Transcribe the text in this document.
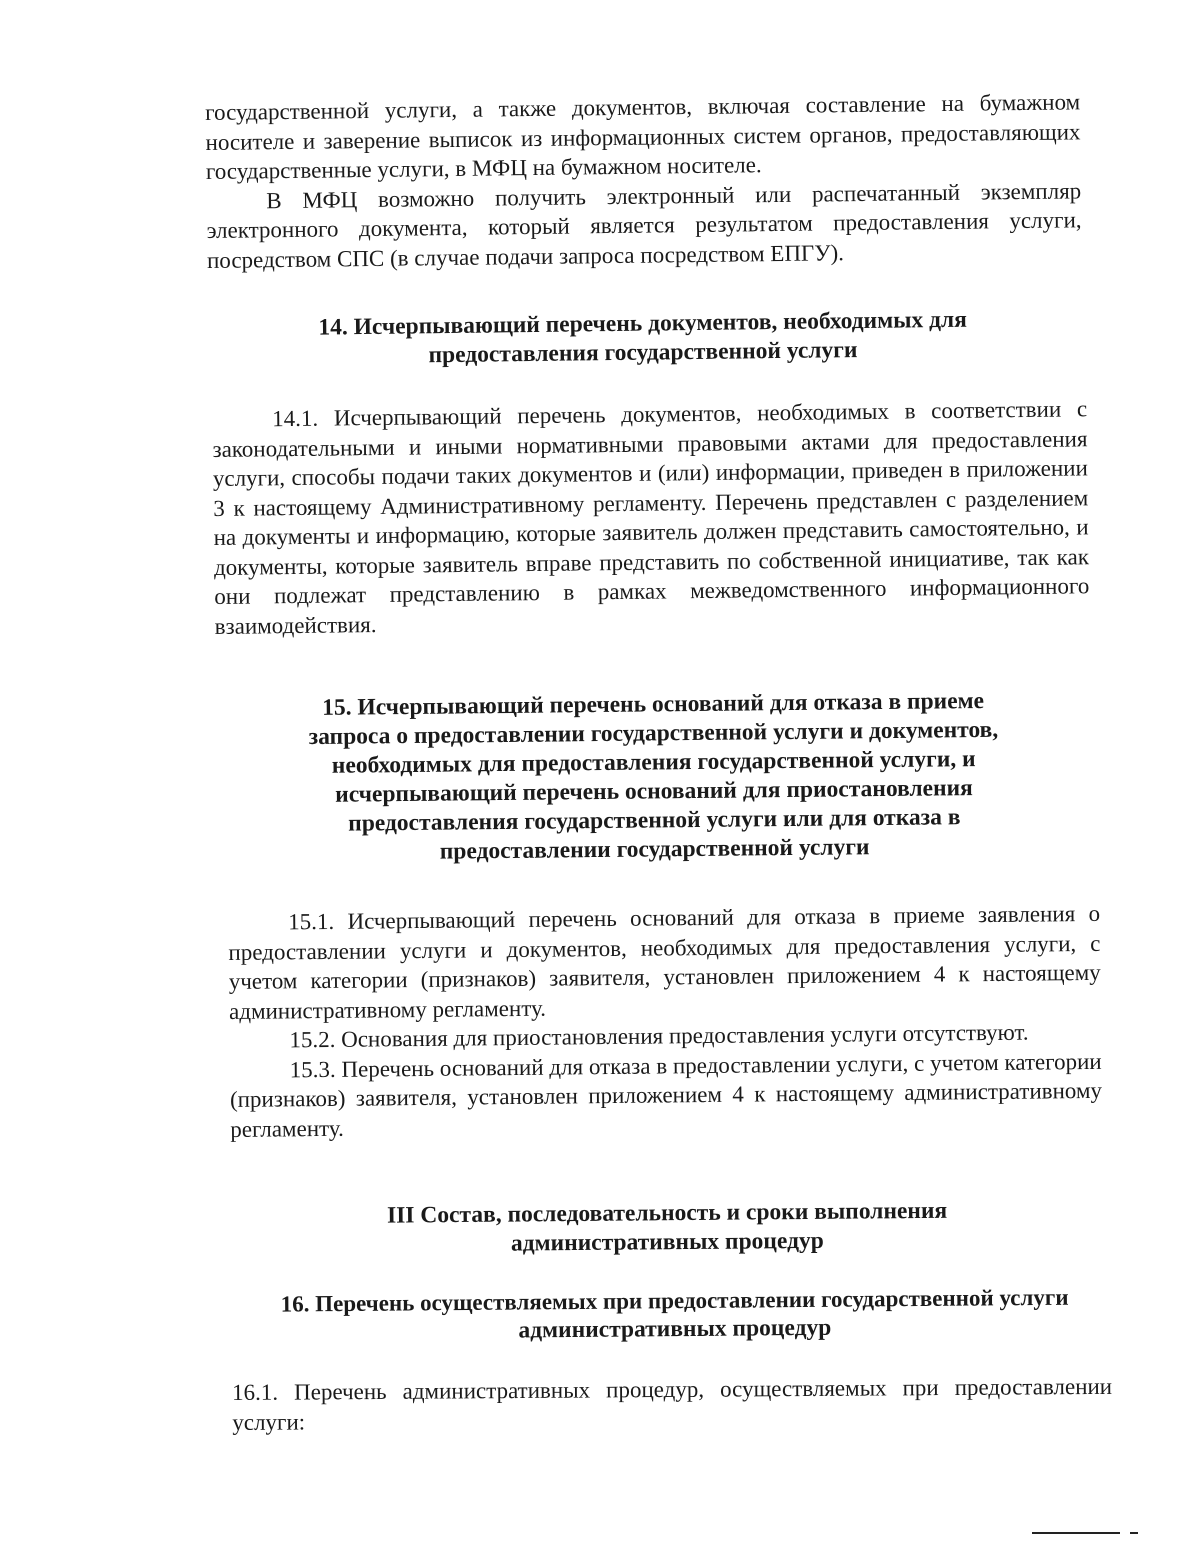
государственной услуги, а также документов, включая составление на бумажном носителе и заверение выписок из информационных систем органов, предоставляющих государственные услуги, в МФЦ на бумажном носителе.

В МФЦ возможно получить электронный или распечатанный экземпляр электронного документа, который является результатом предоставления услуги, посредством СПС (в случае подачи запроса посредством ЕПГУ).

14. Исчерпывающий перечень документов, необходимых для
предоставления государственной услуги

14.1. Исчерпывающий перечень документов, необходимых в соответствии с законодательными и иными нормативными правовыми актами для предоставления услуги, способы подачи таких документов и (или) информации, приведен в приложении 3 к настоящему Административному регламенту. Перечень представлен с разделением на документы и информацию, которые заявитель должен представить самостоятельно, и документы, которые заявитель вправе представить по собственной инициативе, так как они подлежат представлению в рамках межведомственного информационного взаимодействия.

15. Исчерпывающий перечень оснований для отказа в приеме
запроса о предоставлении государственной услуги и документов,
необходимых для предоставления государственной услуги, и
исчерпывающий перечень оснований для приостановления
предоставления государственной услуги или для отказа в
предоставлении государственной услуги

15.1. Исчерпывающий перечень оснований для отказа в приеме заявления о предоставлении услуги и документов, необходимых для предоставления услуги, с учетом категории (признаков) заявителя, установлен приложением 4 к настоящему административному регламенту.

15.2. Основания для приостановления предоставления услуги отсутствуют.

15.3. Перечень оснований для отказа в предоставлении услуги, с учетом категории (признаков) заявителя, установлен приложением 4 к настоящему административному регламенту.

III Состав, последовательность и сроки выполнения
административных процедур
16. Перечень осуществляемых при предоставлении государственной услуги
административных процедур

16.1. Перечень административных процедур, осуществляемых при предоставлении услуги:
